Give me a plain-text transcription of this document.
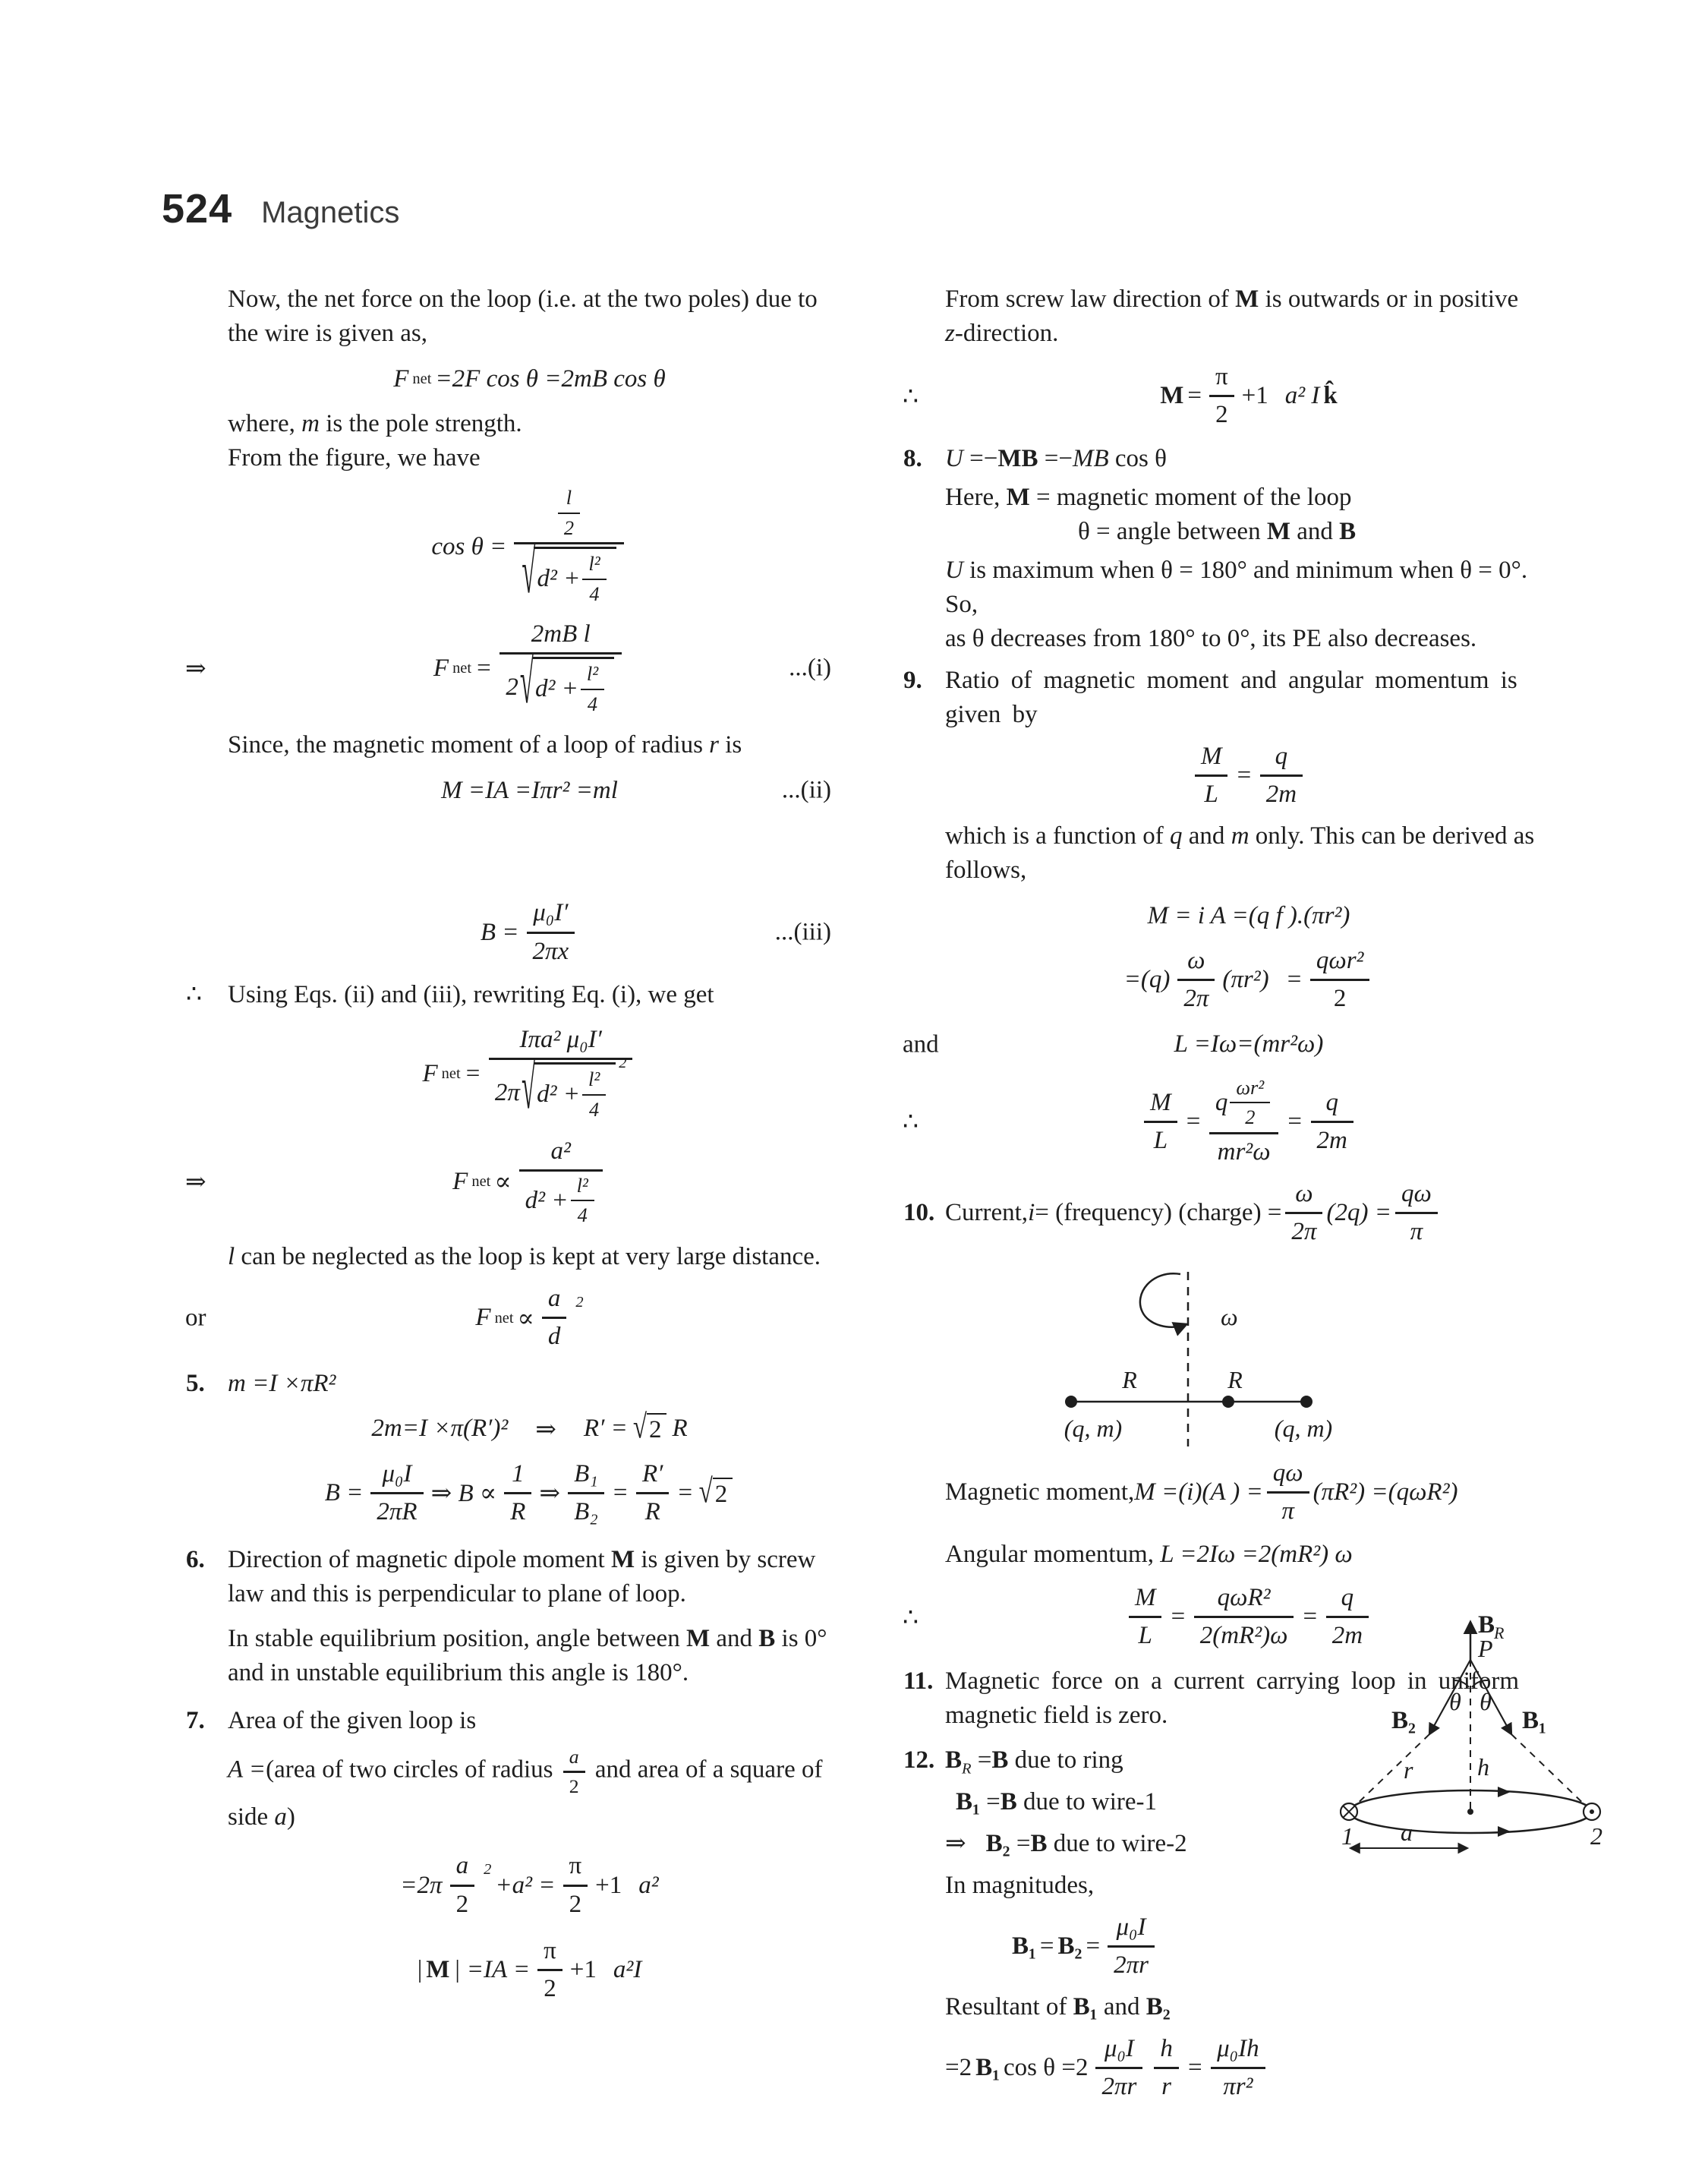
524 Magnetics

Now, the net force on the loop (i.e. at the two poles) due to
the wire is given as,

F net =2F cos θ =2mB cos θ

where, m is the pole strength.

From the figure, we have

cos θ = l
2
√ $d^2 + \frac{\text{l²}}{4}$
⇒	F net = $\frac{\text{2mB l}}{2 √ d^2 + \frac{\text{l²}}{4}}$	...(i)

Since, the magnetic moment of a loop of radius r is

M =IA =Iπr² =ml	...(ii)

$B = \frac{\text{μ₀I′}}{2\pi x}$	...(iii)

∴ Using Eqs. (ii) and (iii), rewriting Eq. (i), we get

F net =
Iπa² μ₀I′
2π √ $d^2 + \frac{\text{l²}}{4}$
2
⇒	F net ∝
a²
$d^2 + \frac{\text{l²}}{4}$

l can be neglected as the loop is kept at very large distance.

or	F net ∝
a
d
2

5. m =I ×πR²

2m=I ×π(R′)² ⇒ R′ = √ 2 R
$B = \frac{\text{μ₀I}}{2\pi R}$ ⇒ B ∝
1
R
⇒ $\frac{\text{B₁}}{\text{B₂}} = \frac{R'}{R}$ = √ 2

6. Direction of magnetic dipole moment M is given by screw
law and this is perpendicular to plane of loop.

In stable equilibrium position, angle between M and B is 0°
and in unstable equilibrium this angle is 180°.

7. Area of the given loop is

A =(area of two circles of radius $\frac{a}{2}$ and area of a square of
side a)

=2π
a
2
2
$+a^2 = \frac{\pi}{2} +1$ a²
| M | $=IA = \frac{\pi}{2} +1$ a²I

From screw law direction of M is outwards or in positive
z-direction.

∴	$M = \frac{\pi}{2} +1$ a² I k̂

8. U =−MB =−MB cos θ

Here, M = magnetic moment of the loop

θ = angle between M and B

U is maximum when θ = 180° and minimum when θ = 0°. So,
as θ decreases from 180° to 0°, its PE also decreases.

9. Ratio of magnetic moment and angular momentum is given by

$\frac{M}{L} = \frac{q}{2m}$

which is a function of q and m only. This can be derived as
follows,

M = i A =(q f ).(πr²)
=(q)
ω
2π
(πr²) =
qωr²
2
and	L =Iω=(mr²ω)
∴	$\frac{M}{L}$ =
q
ωr²
2
mr²ω
= $\frac{q}{2m}$

10. Current, i = (frequency) (charge) = $\frac{\omega}{2\pi} (2q) = \frac{q\omega}{\pi}$

ω
R	R
(q, m)	(q, m)

Magnetic moment, M =(i)(A ) = $\frac{q\omega}{\pi} (\pi R^2) =(q\omega R^2)$

Angular momentum, L =2Iω =2(mR²) ω

∴	$\frac{M}{L}$ =
qωR²
2(mR²)ω
= $\frac{q}{2m}$

11. Magnetic force on a current carrying loop in uniform
magnetic field is zero.

12. $B_R =B$ due to ring

B₁ =B due to wire-1

⇒ B₂ =B due to wire-2

In magnitudes,

$B_1 = B_2 = \frac{\text{μ₀I}}{2\pi r}$

Resultant of B₁ and B₂

=2 B₁ cos θ =2
μ₀I
$2\pi r \frac{h}{r} = \frac{\text{μ₀Ih}}{\text{πr²}}$
B
R
P
θ θ
B₂	B₁
r	h
1	2
a
